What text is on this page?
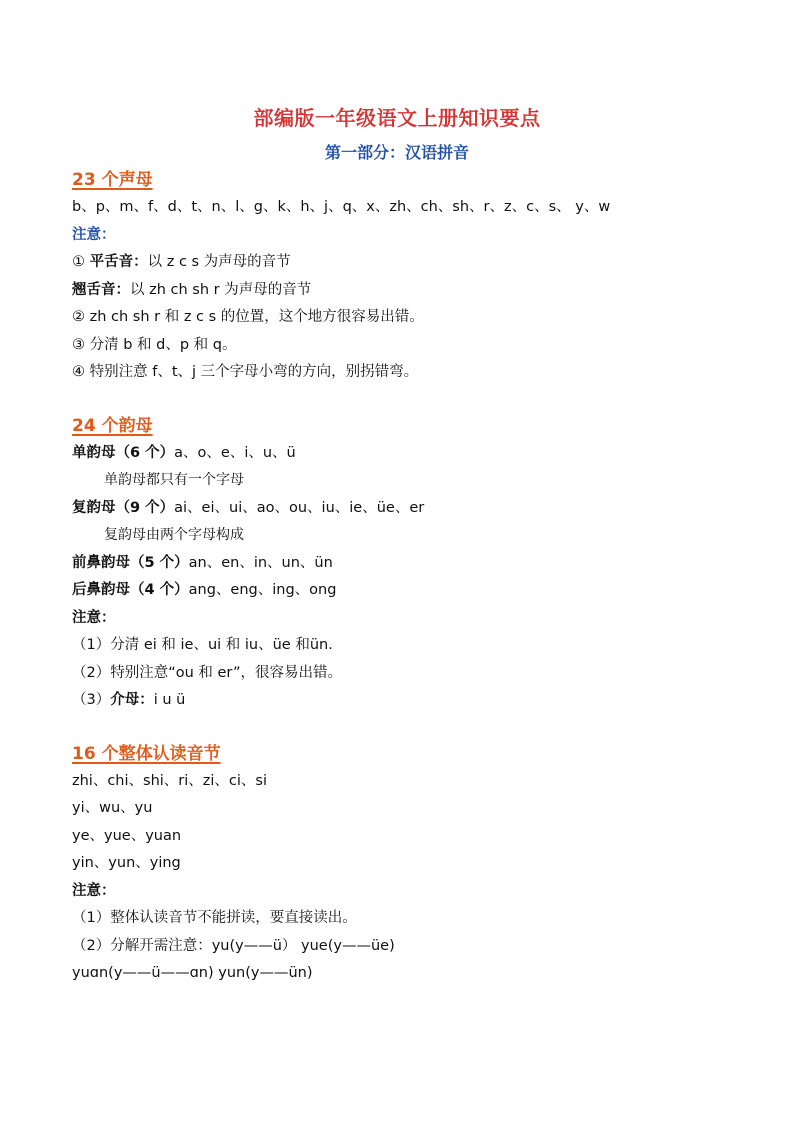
部编版一年级语文上册知识要点
第一部分：汉语拼音
23 个声母
b、p、m、f、d、t、n、l、g、k、h、j、q、x、zh、ch、sh、r、z、c、s、 y、w
注意：
① 平舌音：以 z c s 为声母的音节
翘舌音：以 zh ch sh r 为声母的音节
② zh ch sh r 和 z c s 的位置，这个地方很容易出错。
③ 分清 b 和 d、p 和 q。
④ 特别注意 f、t、j 三个字母小弯的方向，别拐错弯。
24 个韵母
单韵母（6 个）a、o、e、i、u、ü
单韵母都只有一个字母
复韵母（9 个）ai、ei、ui、ao、ou、iu、ie、üe、er
复韵母由两个字母构成
前鼻韵母（5 个）an、en、in、un、ün
后鼻韵母（4 个）ang、eng、ing、ong
注意：
（1）分清 ei 和 ie、ui 和 iu、üe 和ün.
（2）特别注意“ou 和 er”，很容易出错。
（3）介母：i u ü
16 个整体认读音节
zhi、chi、shi、ri、zi、ci、si
yi、wu、yu
ye、yue、yuan
yin、yun、ying
注意：
（1）整体认读音节不能拼读，要直接读出。
（2）分解开需注意：yu(y——ü） yue(y——üe)
yuɑn(y——ü——ɑn) yun(y——ün)
